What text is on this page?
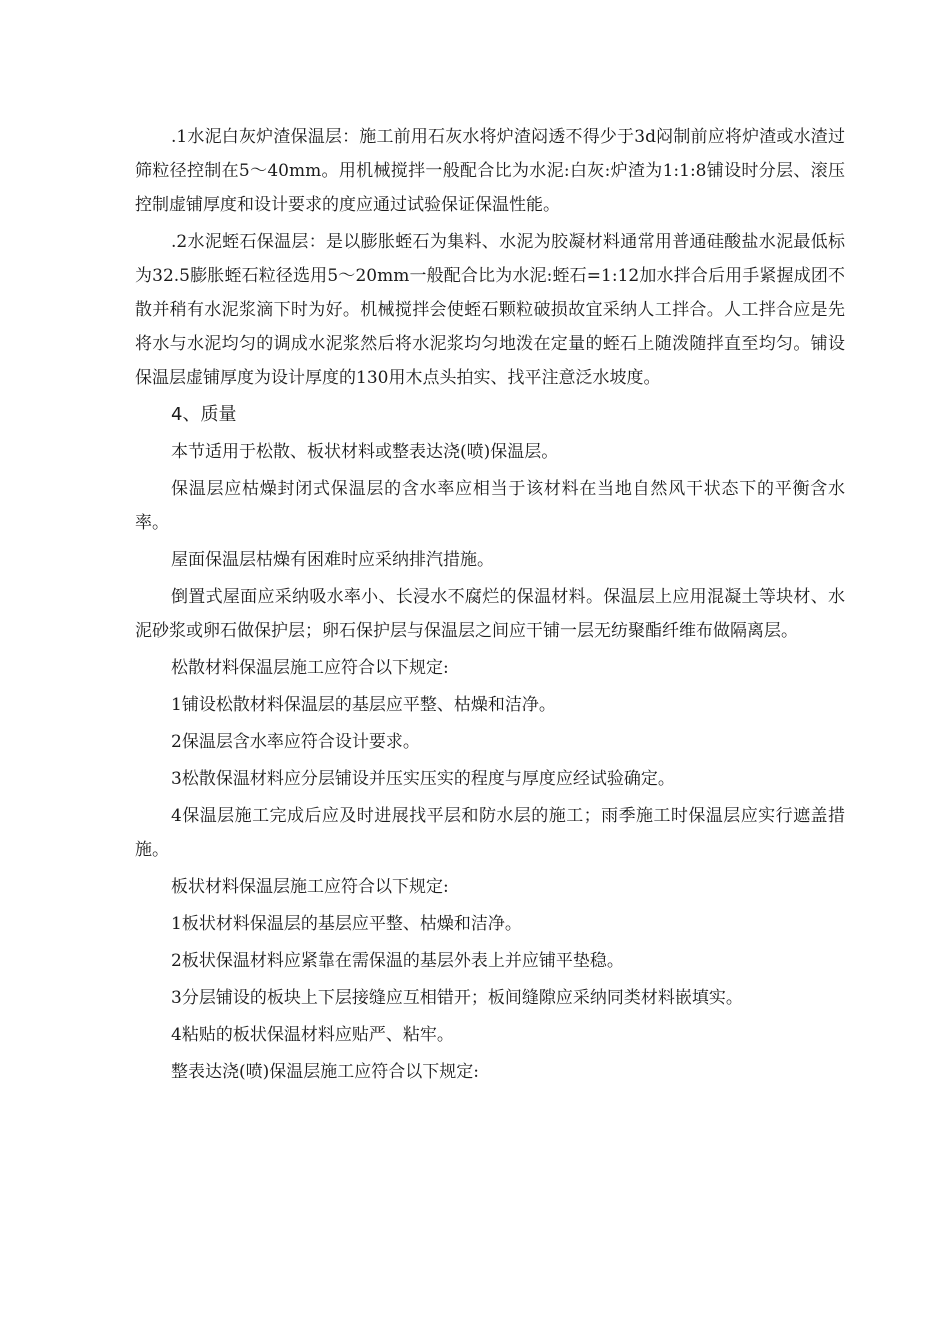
.1水泥白灰炉渣保温层：施工前用石灰水将炉渣闷透不得少于3d闷制前应将炉渣或水渣过筛粒径控制在5～40mm。用机械搅拌一般配合比为水泥:白灰:炉渣为1:1:8铺设时分层、滚压控制虚铺厚度和设计要求的度应通过试验保证保温性能。

.2水泥蛭石保温层：是以膨胀蛭石为集料、水泥为胶凝材料通常用普通硅酸盐水泥最低标为32.5膨胀蛭石粒径选用5～20mm一般配合比为水泥:蛭石=1:12加水拌合后用手紧握成团不散并稍有水泥浆滴下时为好。机械搅拌会使蛭石颗粒破损故宜采纳人工拌合。人工拌合应是先将水与水泥均匀的调成水泥浆然后将水泥浆均匀地泼在定量的蛭石上随泼随拌直至均匀。铺设保温层虚铺厚度为设计厚度的130用木点头拍实、找平注意泛水坡度。

4、质量

本节适用于松散、板状材料或整表达浇(喷)保温层。

保温层应枯燥封闭式保温层的含水率应相当于该材料在当地自然风干状态下的平衡含水率。

屋面保温层枯燥有困难时应采纳排汽措施。

倒置式屋面应采纳吸水率小、长浸水不腐烂的保温材料。保温层上应用混凝土等块材、水泥砂浆或卵石做保护层；卵石保护层与保温层之间应干铺一层无纺聚酯纤维布做隔离层。

松散材料保温层施工应符合以下规定:

1铺设松散材料保温层的基层应平整、枯燥和洁净。

2保温层含水率应符合设计要求。

3松散保温材料应分层铺设并压实压实的程度与厚度应经试验确定。

4保温层施工完成后应及时进展找平层和防水层的施工；雨季施工时保温层应实行遮盖措施。

板状材料保温层施工应符合以下规定:

1板状材料保温层的基层应平整、枯燥和洁净。

2板状保温材料应紧靠在需保温的基层外表上并应铺平垫稳。

3分层铺设的板块上下层接缝应互相错开；板间缝隙应采纳同类材料嵌填实。

4粘贴的板状保温材料应贴严、粘牢。

整表达浇(喷)保温层施工应符合以下规定:
